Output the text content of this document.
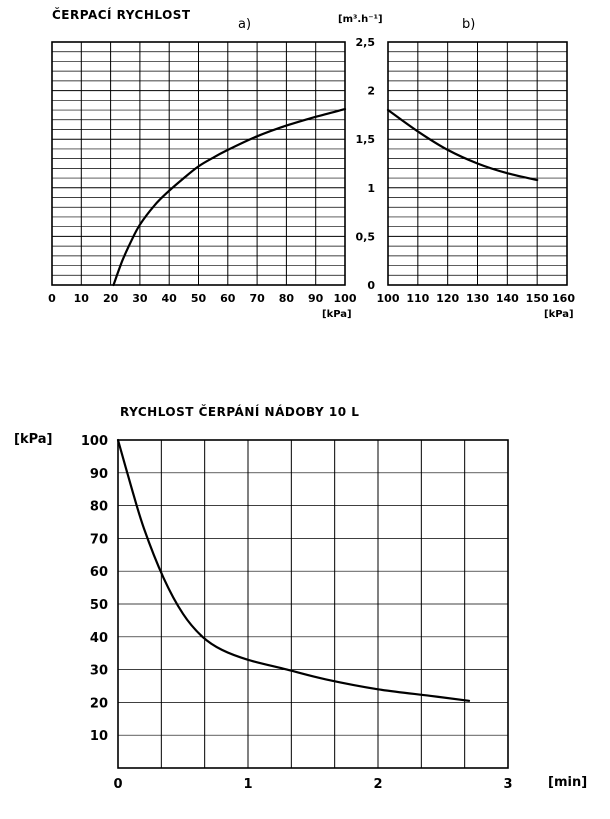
ČERPACÍ RYCHLOST
a)	[m³.h⁻¹]
[kPa]
0 10 20 30 40 50 60 70 80 90 100
0
0,5
1
1,5
2
2,5
b)
[kPa]
100 110 120 130 140 150 160
RYCHLOST ČERPÁNÍ NÁDOBY 10 L
[kPa]
[min]
0	1	2	3
10
20
30
40
50
60
70
80
90
100
